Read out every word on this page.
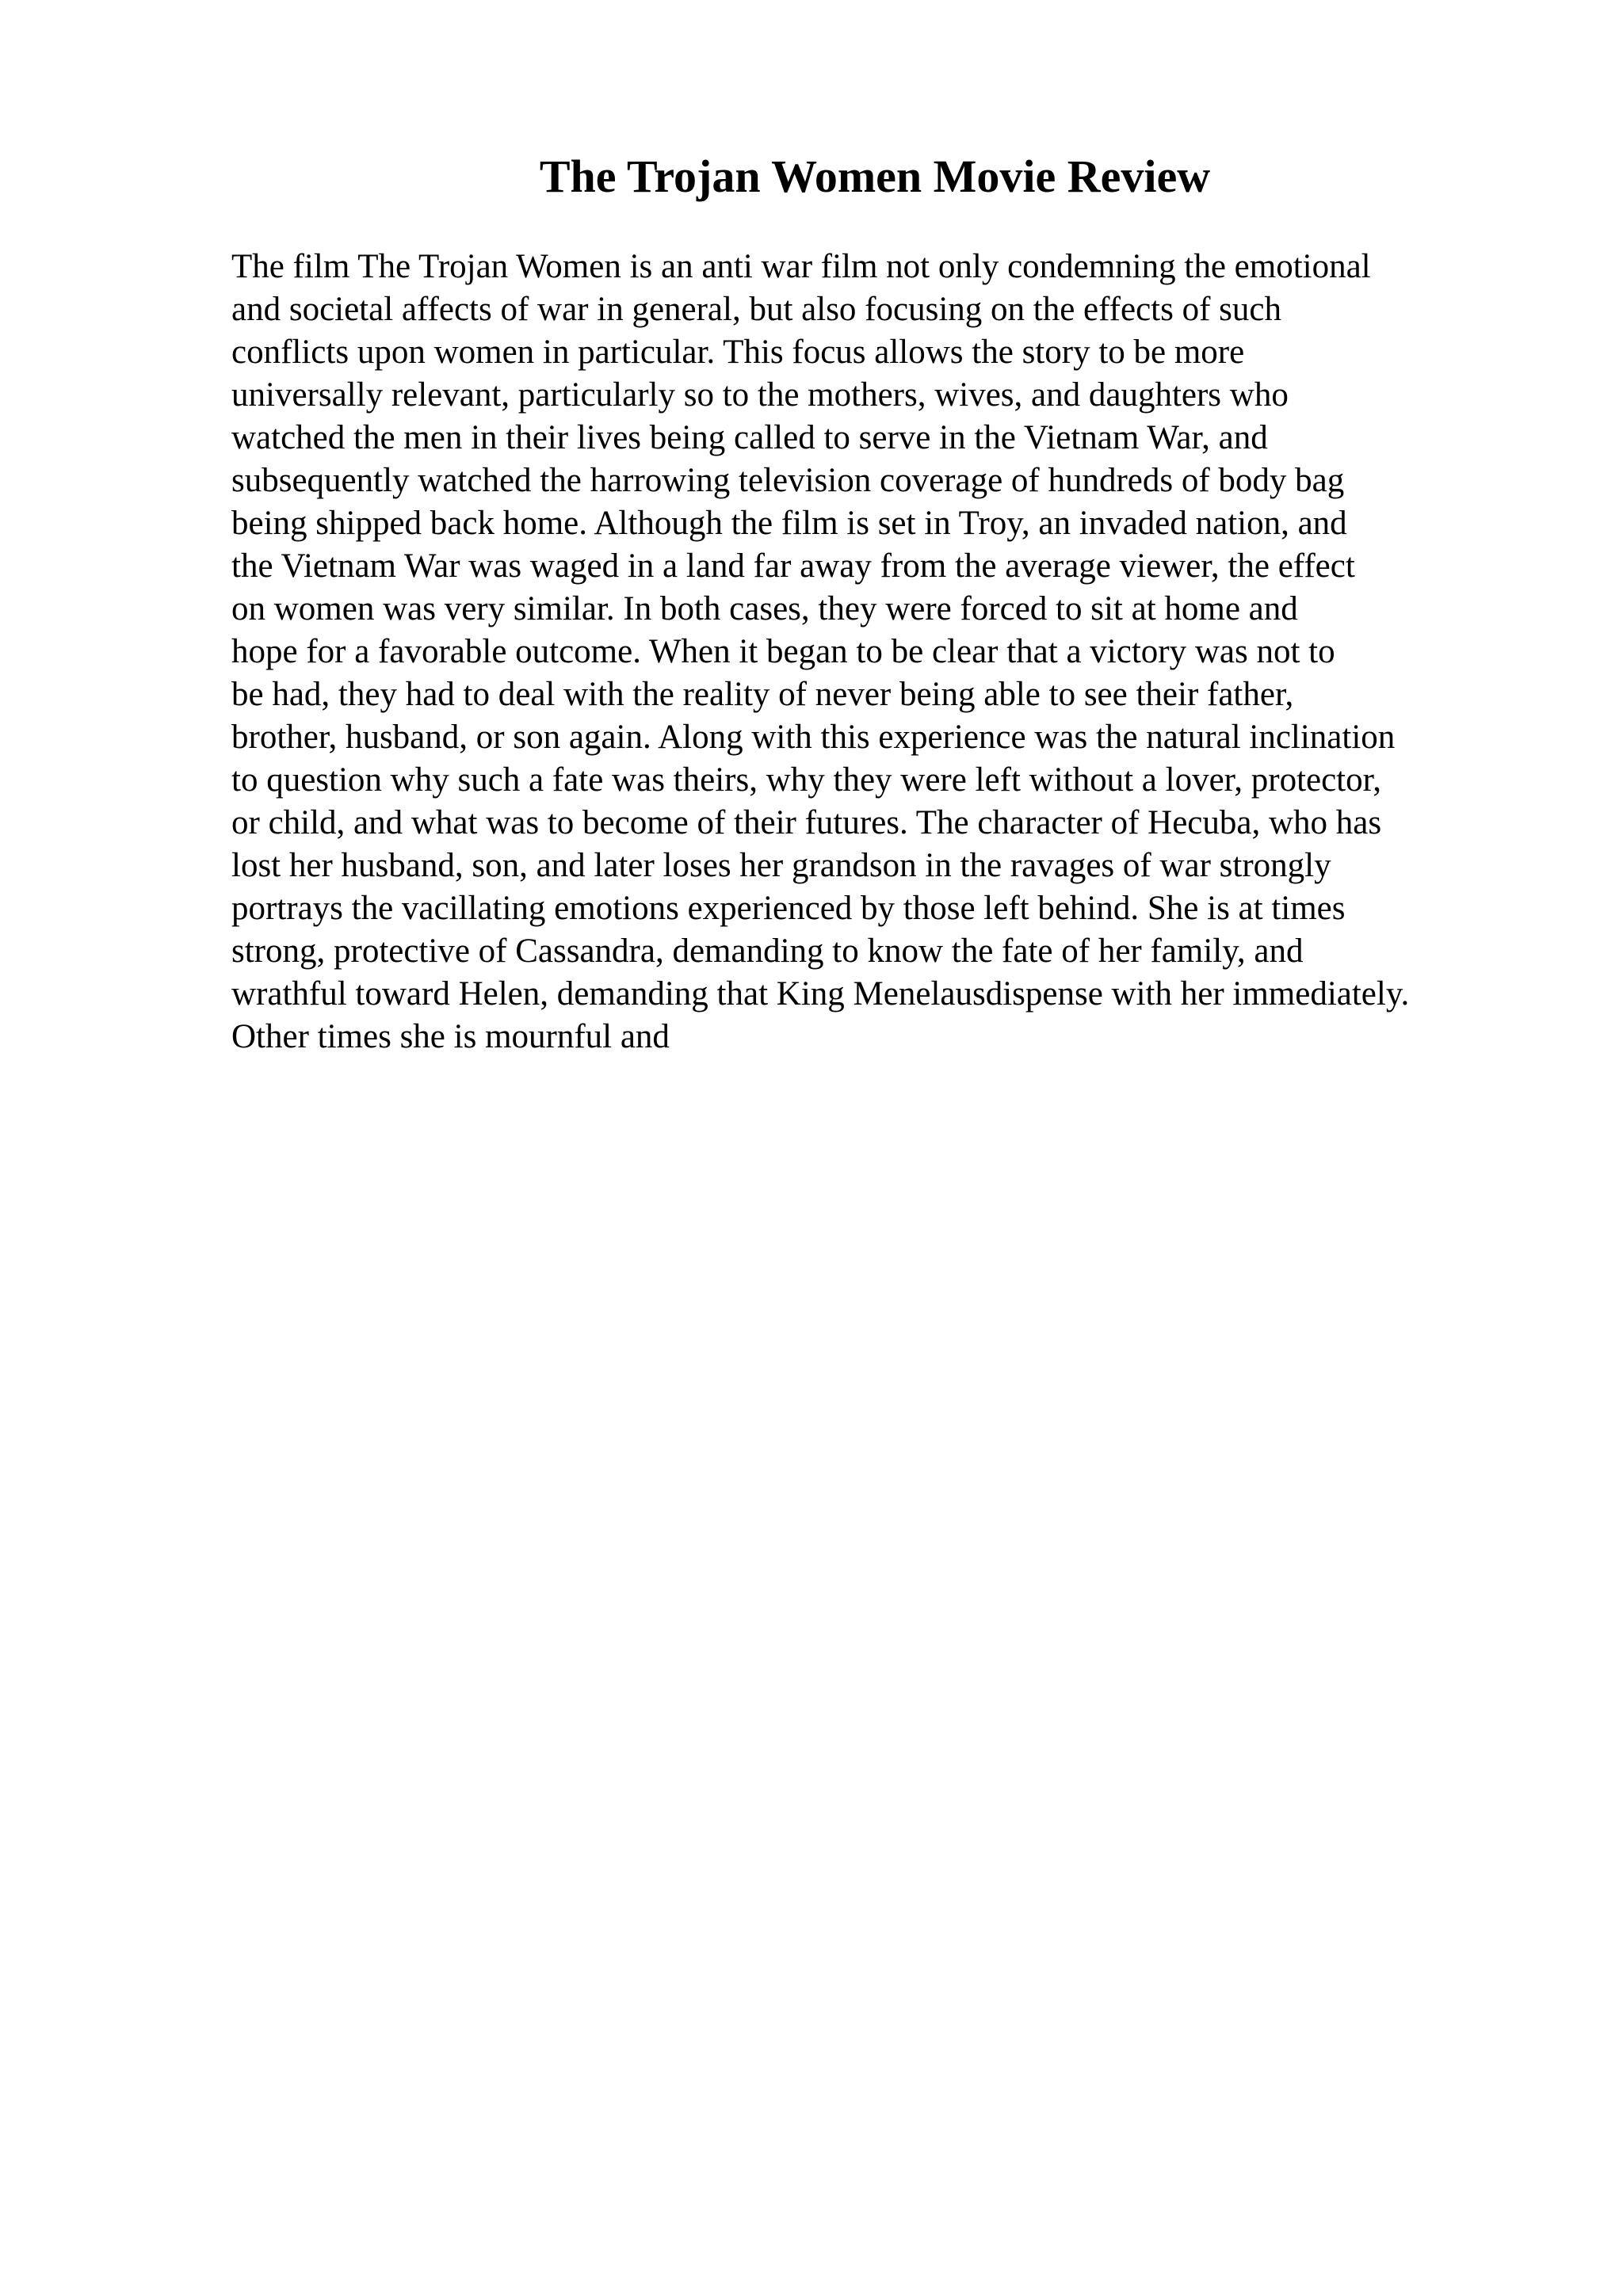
The Trojan Women Movie Review
The film The Trojan Women is an anti war film not only condemning the emotional
and societal affects of war in general, but also focusing on the effects of such
conflicts upon women in particular. This focus allows the story to be more
universally relevant, particularly so to the mothers, wives, and daughters who
watched the men in their lives being called to serve in the Vietnam War, and
subsequently watched the harrowing television coverage of hundreds of body bag
being shipped back home. Although the film is set in Troy, an invaded nation, and
the Vietnam War was waged in a land far away from the average viewer, the effect
on women was very similar. In both cases, they were forced to sit at home and
hope for a favorable outcome. When it began to be clear that a victory was not to
be had, they had to deal with the reality of never being able to see their father,
brother, husband, or son again. Along with this experience was the natural inclination
to question why such a fate was theirs, why they were left without a lover, protector,
or child, and what was to become of their futures. The character of Hecuba, who has
lost her husband, son, and later loses her grandson in the ravages of war strongly
portrays the vacillating emotions experienced by those left behind. She is at times
strong, protective of Cassandra, demanding to know the fate of her family, and
wrathful toward Helen, demanding that King Menelausdispense with her immediately.
Other times she is mournful and
